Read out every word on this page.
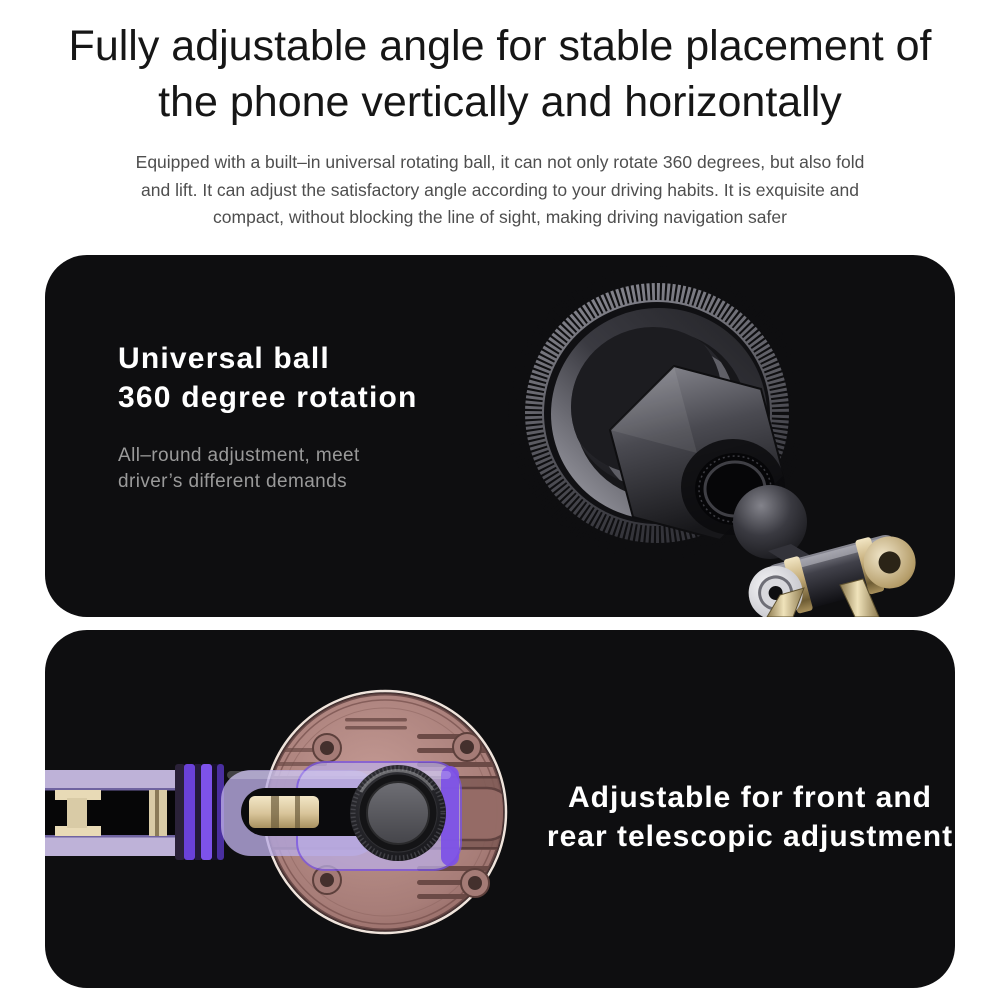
Fully adjustable angle for stable placement of
the phone vertically and horizontally

Equipped with a built–in universal rotating ball, it can not only rotate 360 degrees, but also fold
and lift. It can adjust the satisfactory angle according to your driving habits. It is exquisite and
compact, without blocking the line of sight, making driving navigation safer

Universal ball
360 degree rotation
All–round adjustment, meet
driver’s different demands
Adjustable for front and
rear telescopic adjustment
